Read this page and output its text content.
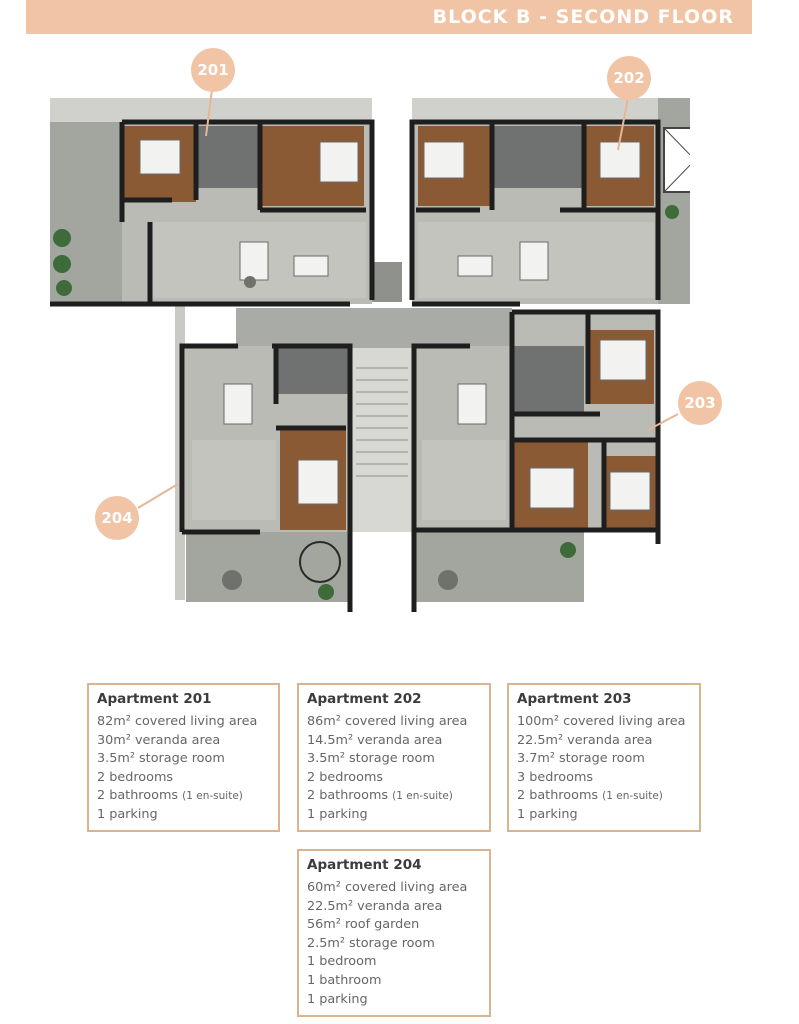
BLOCK B - SECOND FLOOR
201	202
203
204
Apartment 201
82m² covered living area
30m² veranda area
3.5m² storage room
2 bedrooms
2 bathrooms (1 en-suite)
1 parking
Apartment 202
86m² covered living area
14.5m² veranda area
3.5m² storage room
2 bedrooms
2 bathrooms (1 en-suite)
1 parking
Apartment 203
100m² covered living area
22.5m² veranda area
3.7m² storage room
3 bedrooms
2 bathrooms (1 en-suite)
1 parking
Apartment 204
60m² covered living area
22.5m² veranda area
56m² roof garden
2.5m² storage room
1 bedroom
1 bathroom
1 parking
